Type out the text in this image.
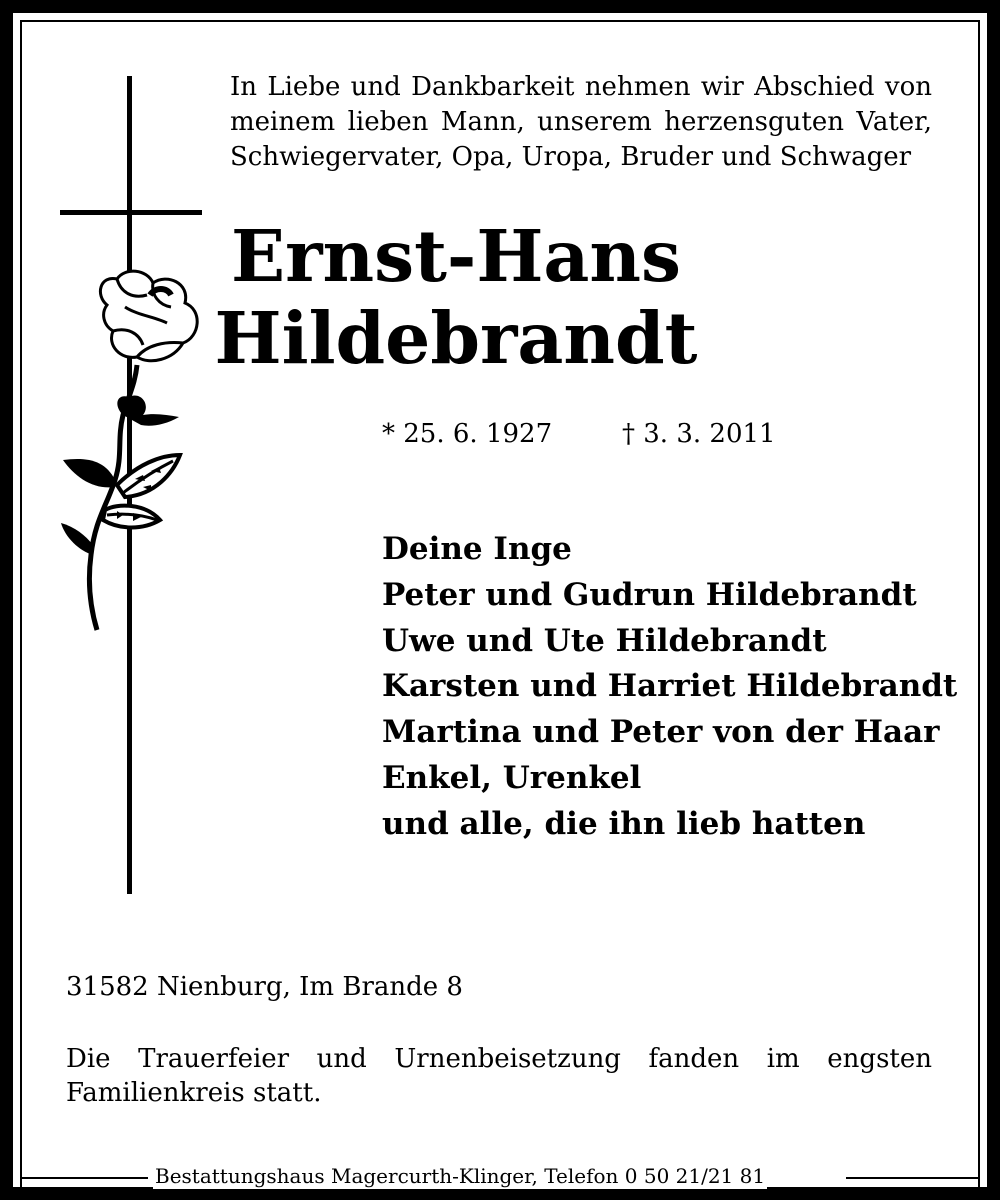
In Liebe und Dankbarkeit nehmen wir Abschied von meinem lieben Mann, unserem herzensguten Vater, Schwiegervater, Opa, Uropa, Bruder und Schwager
Ernst-Hans
Hildebrandt
* 25. 6. 1927	† 3. 3. 2011
Deine Inge
Peter und Gudrun Hildebrandt
Uwe und Ute Hildebrandt
Karsten und Harriet Hildebrandt
Martina und Peter von der Haar
Enkel, Urenkel
und alle, die ihn lieb hatten
31582 Nienburg, Im Brande 8
Die Trauerfeier und Urnenbeisetzung fanden im engsten Familienkreis statt.
Bestattungshaus Magercurth-Klinger, Telefon 0 50 21/21 81
